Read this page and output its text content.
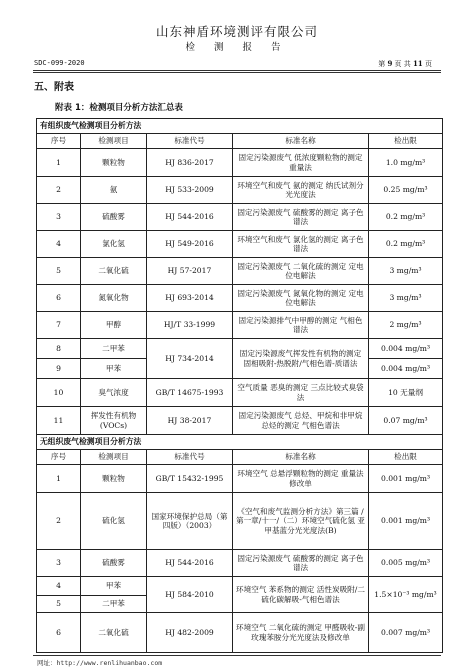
山东神盾环境测评有限公司
检 测 报 告
SDC-099-2020	第 9 页 共 11 页
五、附表
附表 1：检测项目分析方法汇总表
有组织废气检测项目分析方法				
序号	检测项目	标准代号	标准名称	检出限
1	颗粒物	HJ 836-2017	固定污染源废气 低浓度颗粒物的测定 重量法	1.0 mg/m³
2	氨	HJ 533-2009	环境空气和废气 氨的测定 纳氏试剂分光光度法	0.25 mg/m³
3	硫酸雾	HJ 544-2016	固定污染源废气 硫酸雾的测定 离子色谱法	0.2 mg/m³
4	氯化氢	HJ 549-2016	环境空气和废气 氯化氢的测定 离子色谱法	0.2 mg/m³
5	二氧化硫	HJ 57-2017	固定污染源废气 二氧化硫的测定 定电位电解法	3 mg/m³
6	氮氧化物	HJ 693-2014	固定污染源废气 氮氧化物的测定 定电位电解法	3 mg/m³
7	甲醇	HJ/T 33-1999	固定污染源排气中甲醇的测定 气相色谱法	2 mg/m³
8	二甲苯	HJ 734-2014	固定污染源废气挥发性有机物的测定 固相吸附-热脱附/气相色谱-质谱法	0.004 mg/m³
9	甲苯			0.004 mg/m³
10	臭气浓度	GB/T 14675-1993	空气质量 恶臭的测定 三点比较式臭袋法	10 无量纲
11	挥发性有机物(VOCs)	HJ 38-2017	固定污染源废气 总烃、甲烷和非甲烷总烃的测定 气相色谱法	0.07 mg/m³
无组织废气检测项目分析方法				
序号	检测项目	标准代号	标准名称	检出限
1	颗粒物	GB/T 15432-1995	环境空气 总悬浮颗粒物的测定 重量法修改单	0.001 mg/m³
2	硫化氢	国家环境保护总局（第四版）（2003）	《空气和废气监测分析方法》第三篇 /第一章/十一/（二）环境空气硫化氢 亚甲基蓝分光光度法(B)	0.001 mg/m³
3	硫酸雾	HJ 544-2016	固定污染源废气 硫酸雾的测定 离子色谱法	0.005 mg/m³
4	甲苯	HJ 584-2010	环境空气 苯系物的测定 活性炭吸附/二硫化碳解吸-气相色谱法	1.5×10⁻³ mg/m³
5	二甲苯			
6	二氧化硫	HJ 482-2009	环境空气 二氧化硫的测定 甲醛吸收-副玫瑰苯胺分光光度法及修改单	0.007 mg/m³
网址：http://www.renlihuanbao.com
